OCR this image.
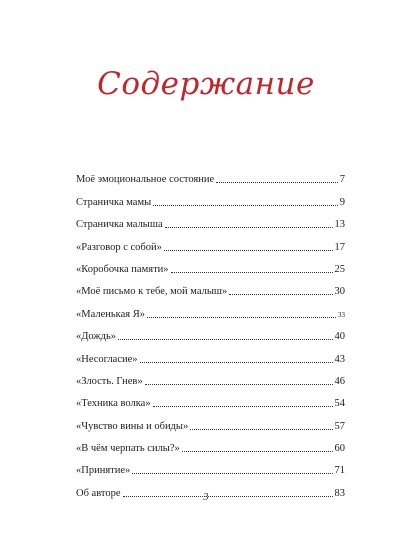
Содержание
Моё эмоциональное состояние	7
Страничка мамы	9
Страничка малыша	13
«Разговор с собой»	17
«Коробочка памяти»	25
«Моё письмо к тебе, мой малыш»	30
«Маленькая Я»	33
«Дождь»	40
«Несогласие»	43
«Злость. Гнев»	46
«Техника волка»	54
«Чувство вины и обиды»	57
«В чём черпать силы?»	60
«Принятие»	71
Об авторе	83
3
